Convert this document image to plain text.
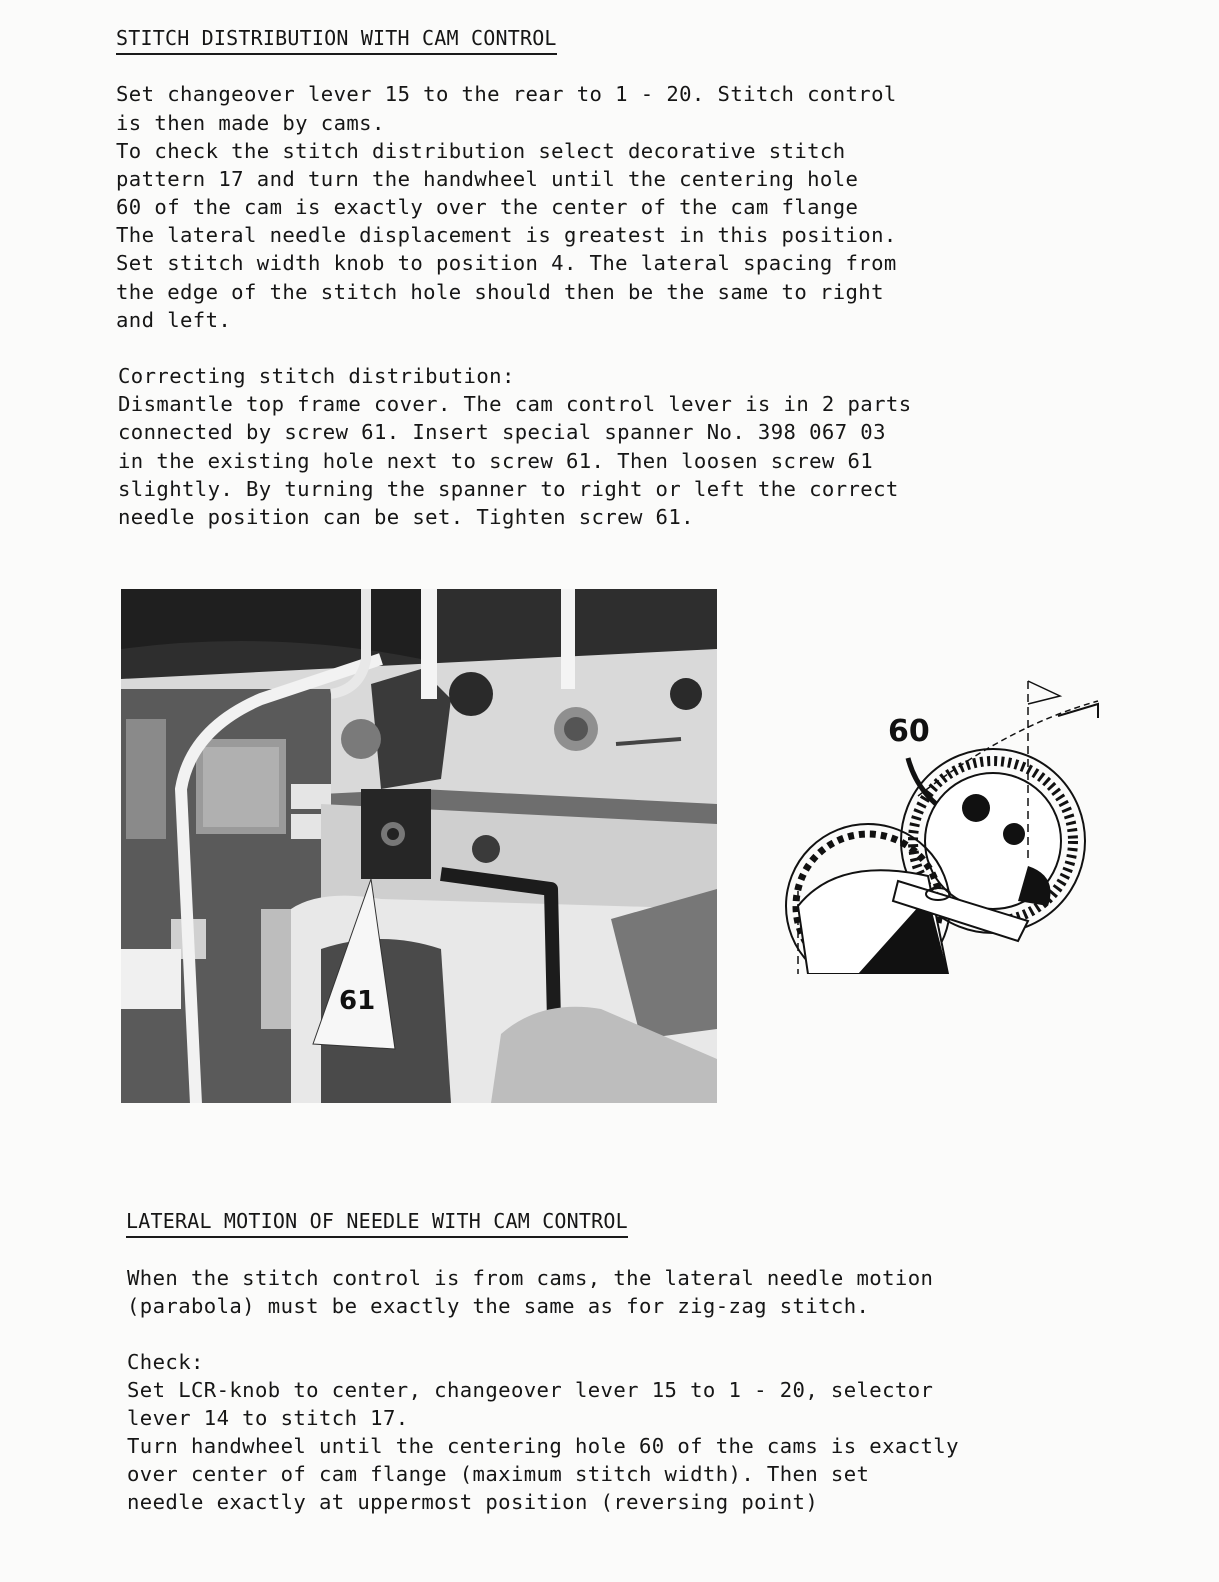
STITCH DISTRIBUTION WITH CAM CONTROL
Set changeover lever 15 to the rear to 1 - 20. Stitch control
is then made by cams.
To check the stitch distribution select decorative stitch
pattern 17 and turn the handwheel until the centering hole
60 of the cam is exactly over the center of the cam flange
The lateral needle displacement is greatest in this position.
Set stitch width knob to position 4. The lateral spacing from
the edge of the stitch hole should then be the same to right
and left.
Correcting stitch distribution:
Dismantle top frame cover. The cam control lever is in 2 parts
connected by screw 61. Insert special spanner No. 398 067 03
in the existing hole next to screw 61. Then loosen screw 61
slightly. By turning the spanner to right or left the correct
needle position can be set. Tighten screw 61.
61
60
LATERAL MOTION OF NEEDLE WITH CAM CONTROL
When the stitch control is from cams, the lateral needle motion
(parabola) must be exactly the same as for zig-zag stitch.
Check:
Set LCR-knob to center, changeover lever 15 to 1 - 20, selector
lever 14 to stitch 17.
Turn handwheel until the centering hole 60 of the cams is exactly
over center of cam flange (maximum stitch width). Then set
needle exactly at uppermost position (reversing point)
